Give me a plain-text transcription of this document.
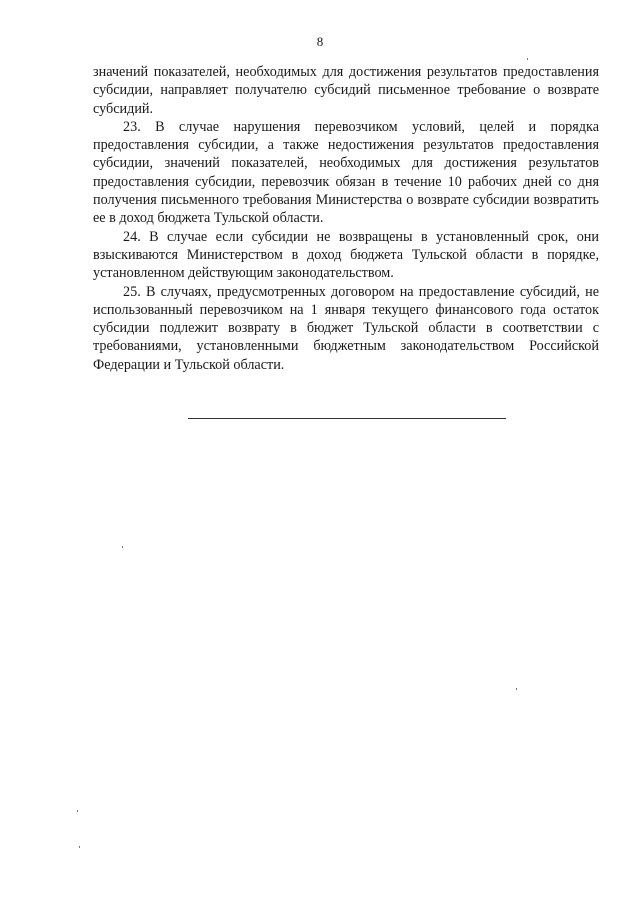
8

значений показателей, необходимых для достижения результатов предоставления субсидии, направляет получателю субсидий письменное требование о возврате субсидий.

23. В случае нарушения перевозчиком условий, целей и порядка предоставления субсидии, а также недостижения результатов предоставления субсидии, значений показателей, необходимых для достижения результатов предоставления субсидии, перевозчик обязан в течение 10 рабочих дней со дня получения письменного требования Министерства о возврате субсидии возвратить ее в доход бюджета Тульской области.

24. В случае если субсидии не возвращены в установленный срок, они взыскиваются Министерством в доход бюджета Тульской области в порядке, установленном действующим законодательством.

25. В случаях, предусмотренных договором на предоставление субсидий, не использованный перевозчиком на 1 января текущего финансового года остаток субсидии подлежит возврату в бюджет Тульской области в соответствии с требованиями, установленными бюджетным законодательством Российской Федерации и Тульской области.
